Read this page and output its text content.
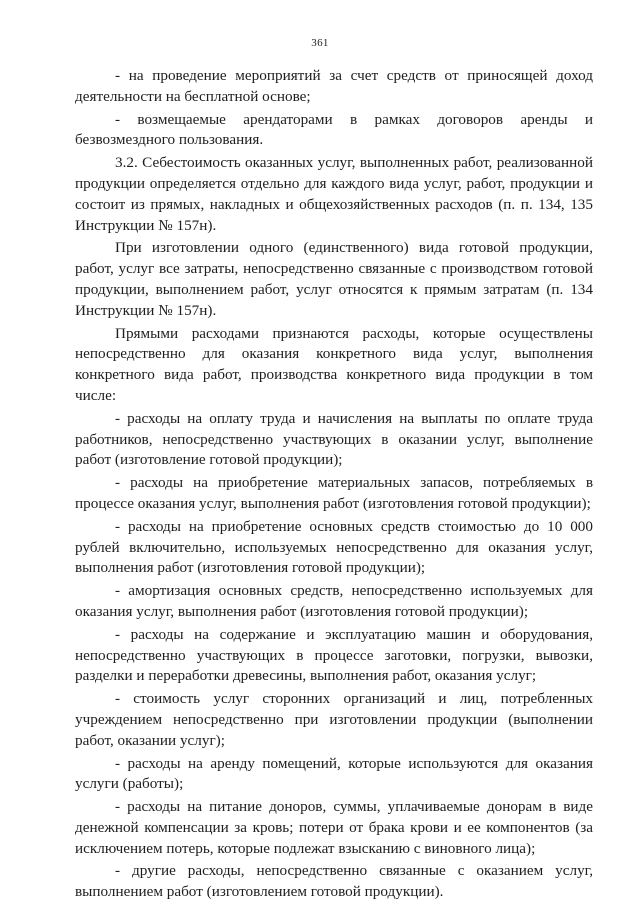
361

- на проведение мероприятий за счет средств от приносящей доход деятельности на бесплатной основе;

- возмещаемые арендаторами в рамках договоров аренды и безвозмездного пользования.

3.2. Себестоимость оказанных услуг, выполненных работ, реализованной продукции определяется отдельно для каждого вида услуг, работ, продукции и состоит из прямых, накладных и общехозяйственных расходов (п. п. 134, 135 Инструкции № 157н).

При изготовлении одного (единственного) вида готовой продукции, работ, услуг все затраты, непосредственно связанные с производством готовой продукции, выполнением работ, услуг относятся к прямым затратам (п. 134 Инструкции № 157н).

Прямыми расходами признаются расходы, которые осуществлены непосредственно для оказания конкретного вида услуг, выполнения конкретного вида работ, производства конкретного вида продукции в том числе:

- расходы на оплату труда и начисления на выплаты по оплате труда работников, непосредственно участвующих в оказании услуг, выполнение работ (изготовление готовой продукции);

- расходы на приобретение материальных запасов, потребляемых в процессе оказания услуг, выполнения работ (изготовления готовой продукции);

- расходы на приобретение основных средств стоимостью до 10 000 рублей включительно, используемых непосредственно для оказания услуг, выполнения работ (изготовления готовой продукции);

- амортизация основных средств, непосредственно используемых для оказания услуг, выполнения работ (изготовления готовой продукции);

- расходы на содержание и эксплуатацию машин и оборудования, непосредственно участвующих в процессе заготовки, погрузки, вывозки, разделки и переработки древесины, выполнения работ, оказания услуг;

- стоимость услуг сторонних организаций и лиц, потребленных учреждением непосредственно при изготовлении продукции (выполнении работ, оказании услуг);

- расходы на аренду помещений, которые используются для оказания услуги (работы);

- расходы на питание доноров, суммы, уплачиваемые донорам в виде денежной компенсации за кровь; потери от брака крови и ее компонентов (за исключением потерь, которые подлежат взысканию с виновного лица);

- другие расходы, непосредственно связанные с оказанием услуг, выполнением работ (изготовлением готовой продукции).
